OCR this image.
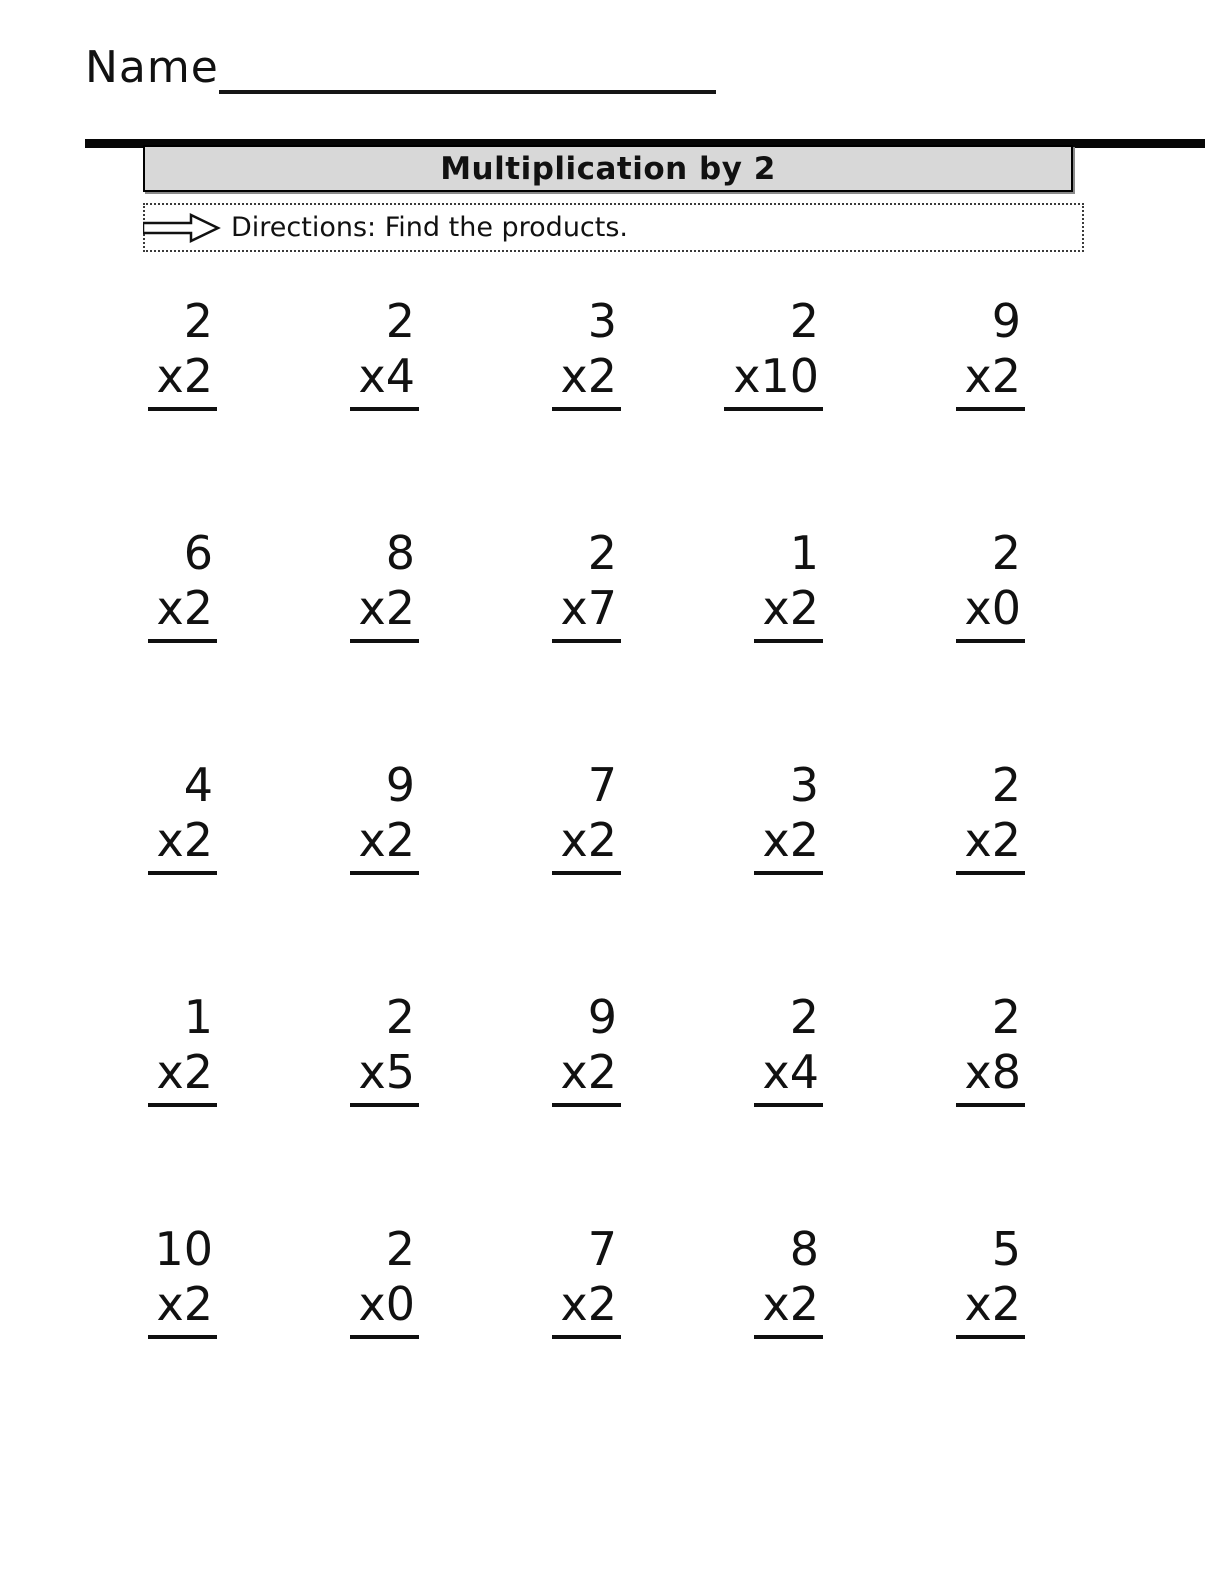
Name
Multiplication by 2
Directions: Find the products.
2
x2
2
x4
3
x2
2
x10
9
x2
6
x2
8
x2
2
x7
1
x2
2
x0
4
x2
9
x2
7
x2
3
x2
2
x2
1
x2
2
x5
9
x2
2
x4
2
x8
10
x2
2
x0
7
x2
8
x2
5
x2
